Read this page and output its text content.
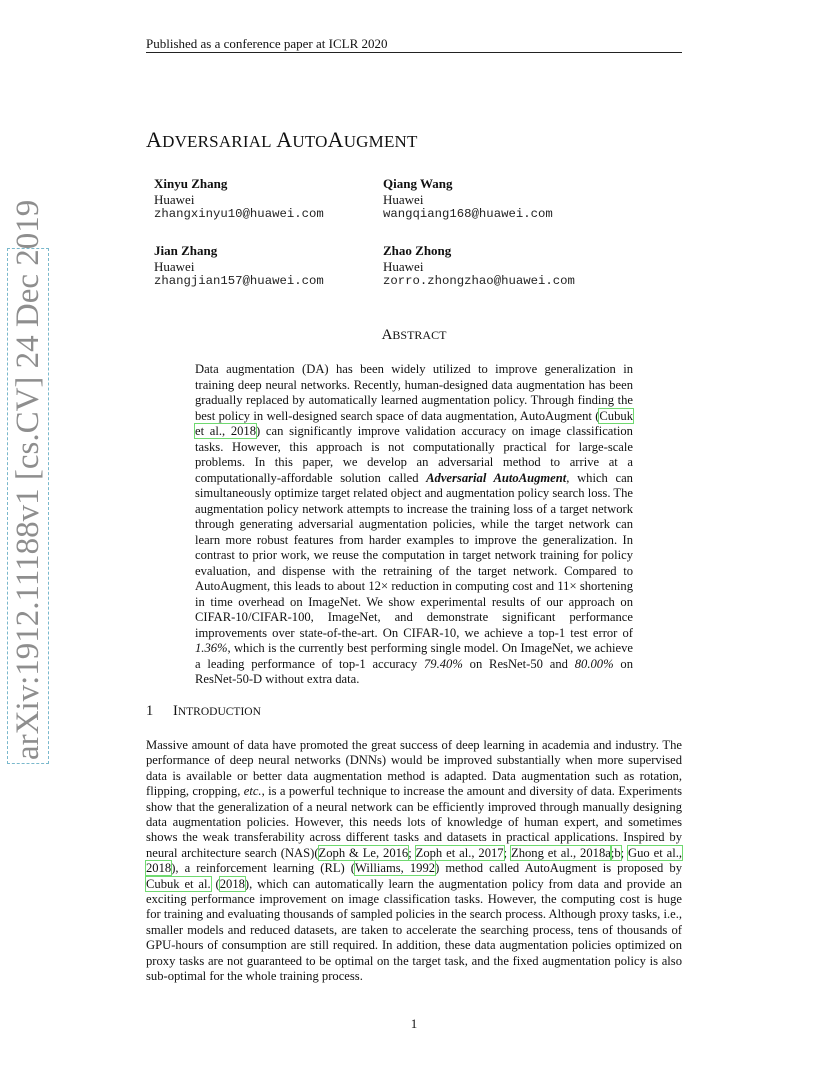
Published as a conference paper at ICLR 2020
ADVERSARIAL AUTOAUGMENT
Xinyu Zhang
Huawei
zhangxinyu10@huawei.com
Qiang Wang
Huawei
wangqiang168@huawei.com
Jian Zhang
Huawei
zhangjian157@huawei.com
Zhao Zhong
Huawei
zorro.zhongzhao@huawei.com
ABSTRACT
Data augmentation (DA) has been widely utilized to improve generalization in training deep neural networks. Recently, human-designed data augmentation has been gradually replaced by automatically learned augmentation policy. Through finding the best policy in well-designed search space of data augmentation, AutoAugment (Cubuk et al., 2018) can significantly improve validation accuracy on image classification tasks. However, this approach is not computationally practical for large-scale problems. In this paper, we develop an adversarial method to arrive at a computationally-affordable solution called Adversarial AutoAugment, which can simultaneously optimize target related object and augmentation policy search loss. The augmentation policy network attempts to increase the training loss of a target network through generating adversarial augmentation policies, while the target network can learn more robust features from harder examples to improve the generalization. In contrast to prior work, we reuse the computation in target network training for policy evaluation, and dispense with the retraining of the target network. Compared to AutoAugment, this leads to about 12× reduction in computing cost and 11× shortening in time overhead on ImageNet. We show experimental results of our approach on CIFAR-10/CIFAR-100, ImageNet, and demonstrate significant performance improvements over state-of-the-art. On CIFAR-10, we achieve a top-1 test error of 1.36%, which is the currently best performing single model. On ImageNet, we achieve a leading performance of top-1 accuracy 79.40% on ResNet-50 and 80.00% on ResNet-50-D without extra data.
1 INTRODUCTION
Massive amount of data have promoted the great success of deep learning in academia and industry. The performance of deep neural networks (DNNs) would be improved substantially when more supervised data is available or better data augmentation method is adapted. Data augmentation such as rotation, flipping, cropping, etc., is a powerful technique to increase the amount and diversity of data. Experiments show that the generalization of a neural network can be efficiently improved through manually designing data augmentation policies. However, this needs lots of knowledge of human expert, and sometimes shows the weak transferability across different tasks and datasets in practical applications. Inspired by neural architecture search (NAS)(Zoph & Le, 2016; Zoph et al., 2017; Zhong et al., 2018a;b; Guo et al., 2018), a reinforcement learning (RL) (Williams, 1992) method called AutoAugment is proposed by Cubuk et al. (2018), which can automatically learn the augmentation policy from data and provide an exciting performance improvement on image classification tasks. However, the computing cost is huge for training and evaluating thousands of sampled policies in the search process. Although proxy tasks, i.e., smaller models and reduced datasets, are taken to accelerate the searching process, tens of thousands of GPU-hours of consumption are still required. In addition, these data augmentation policies optimized on proxy tasks are not guaranteed to be optimal on the target task, and the fixed augmentation policy is also sub-optimal for the whole training process.
1
arXiv:1912.11188v1 [cs.CV] 24 Dec 2019
